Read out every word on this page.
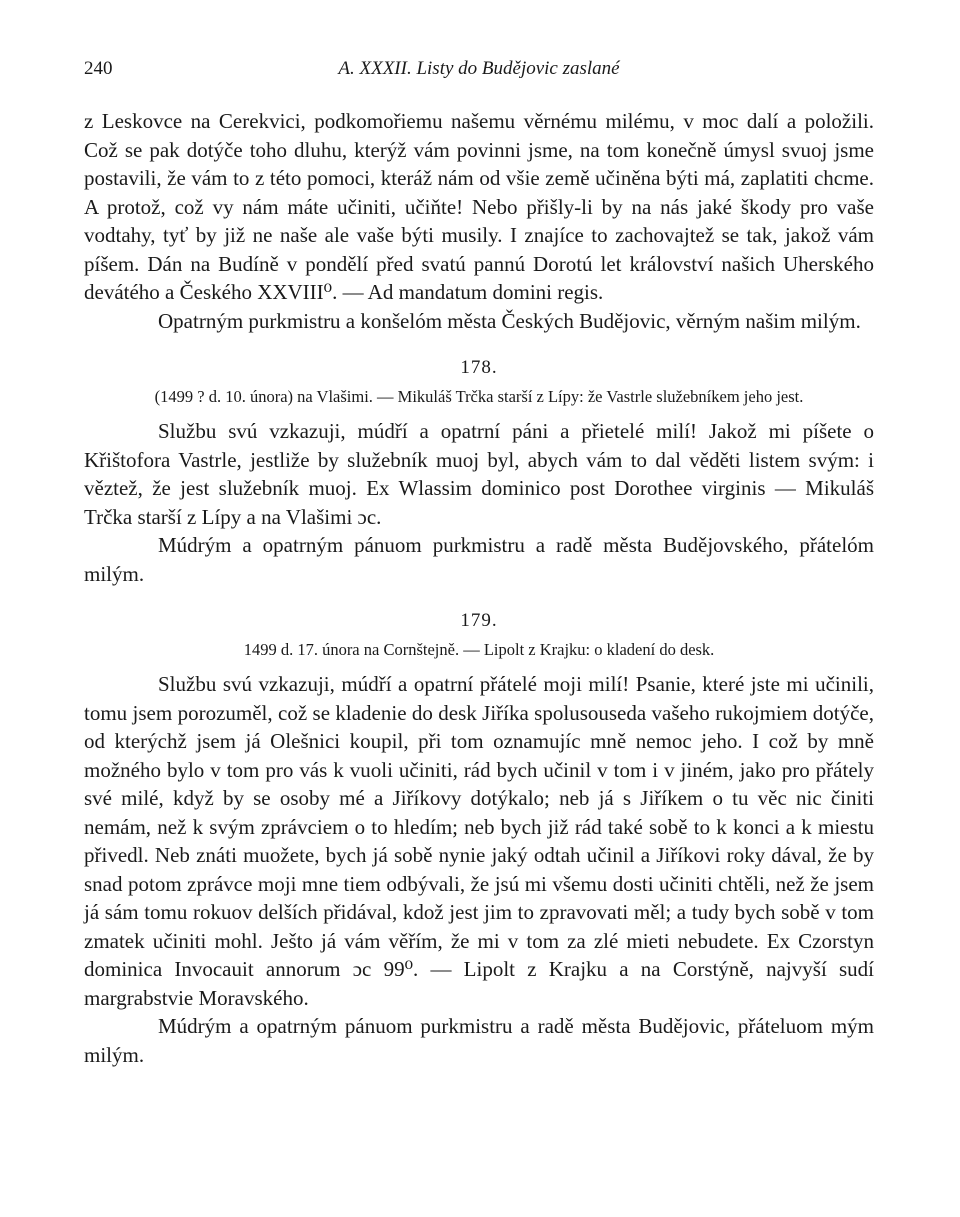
240	A. XXXII. Listy do Budějovic zaslané

z Leskovce na Cerekvici, podkomořiemu našemu věrnému milému, v moc dalí a položili. Což se pak dotýče toho dluhu, kterýž vám povinni jsme, na tom konečně úmysl svuoj jsme postavili, že vám to z této pomoci, kteráž nám od všie země učiněna býti má, zaplatiti chcme. A protož, což vy nám máte učiniti, učiňte! Nebo přišly-li by na nás jaké škody pro vaše vodtahy, tyť by již ne naše ale vaše býti musily. I znajíce to zachovajtež se tak, jakož vám píšem. Dán na Budíně v pondělí před svatú pannú Dorotú let království našich Uherského devátého a Českého XXVIII⁰. — Ad mandatum domini regis.

Opatrným purkmistru a konšelóm města Českých Budějovic, věrným našim milým.

178.

(1499 ? d. 10. února) na Vlašimi. — Mikuláš Trčka starší z Lípy: že Vastrle služebníkem jeho jest.

Službu svú vzkazuji, múdří a opatrní páni a přietelé milí! Jakož mi píšete o Křištofora Vastrle, jestliže by služebník muoj byl, abych vám to dal věděti listem svým: i věztež, že jest služebník muoj. Ex Wlassim dominico post Dorothee virginis — Mikuláš Trčka starší z Lípy a na Vlašimi ɔc.

Múdrým a opatrným pánuom purkmistru a radě města Budějovského, přátelóm milým.

179.

1499 d. 17. února na Cornštejně. — Lipolt z Krajku: o kladení do desk.

Službu svú vzkazuji, múdří a opatrní přátelé moji milí! Psanie, které jste mi učinili, tomu jsem porozuměl, což se kladenie do desk Jiříka spolusouseda vašeho rukojmiem dotýče, od kterýchž jsem já Olešnici koupil, při tom oznamujíc mně nemoc jeho. I což by mně možného bylo v tom pro vás k vuoli učiniti, rád bych učinil v tom i v jiném, jako pro přátely své milé, když by se osoby mé a Jiříkovy dotýkalo; neb já s Jiříkem o tu věc nic činiti nemám, než k svým zprávciem o to hledím; neb bych již rád také sobě to k konci a k miestu přivedl. Neb znáti muožete, bych já sobě nynie jaký odtah učinil a Jiříkovi roky dával, že by snad potom zprávce moji mne tiem odbývali, že jsú mi všemu dosti učiniti chtěli, než že jsem já sám tomu rokuov delších přidával, kdož jest jim to zpravovati měl; a tudy bych sobě v tom zmatek učiniti mohl. Ješto já vám věřím, že mi v tom za zlé mieti nebudete. Ex Czorstyn dominica Invocauit annorum ɔc 99⁰. — Lipolt z Krajku a na Corstýně, najvyší sudí margrabstvie Moravského.

Múdrým a opatrným pánuom purkmistru a radě města Budějovic, přáteluom mým milým.
